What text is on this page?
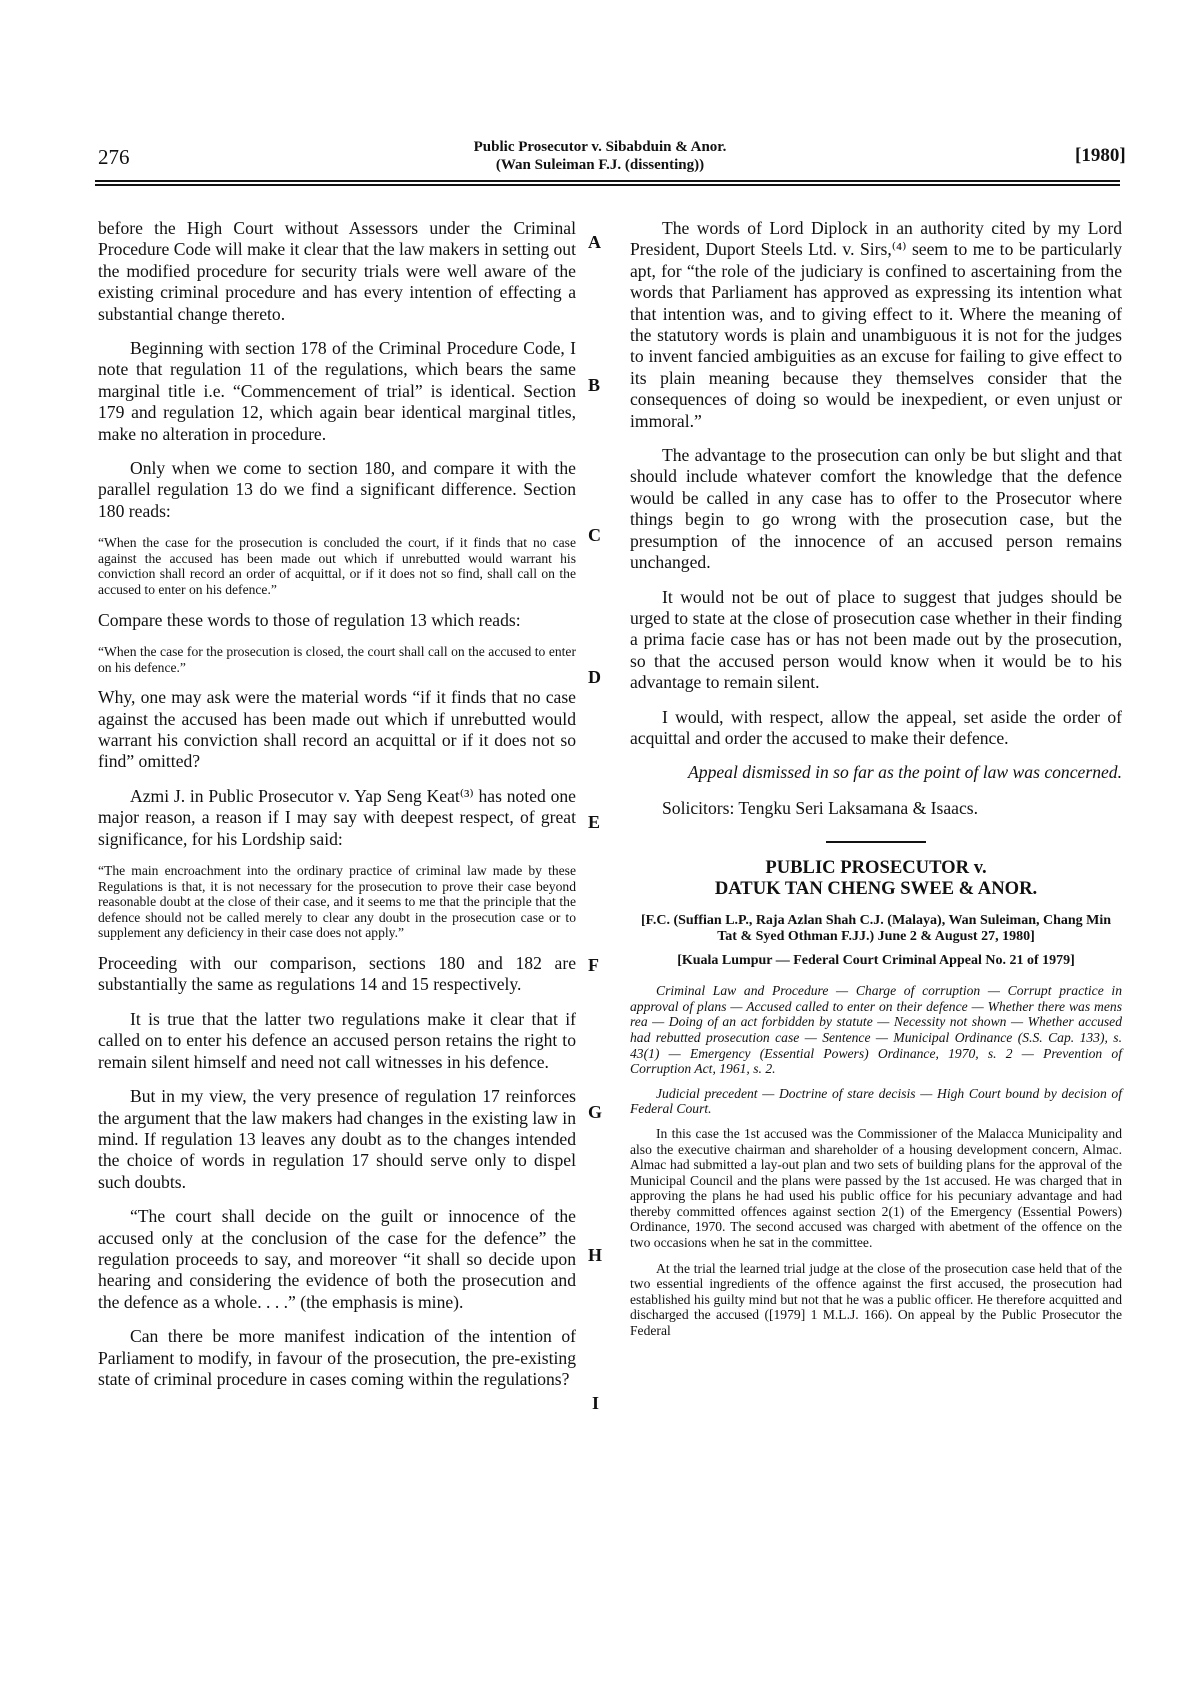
276	Public Prosecutor v. Sibabduin & Anor.
(Wan Suleiman F.J. (dissenting))	[1980]
A
B
C
D
E
F
G
H
I

before the High Court without Assessors under the Criminal Procedure Code will make it clear that the law makers in setting out the modified procedure for security trials were well aware of the existing criminal procedure and has every intention of effecting a substantial change thereto.

Beginning with section 178 of the Criminal Procedure Code, I note that regulation 11 of the regulations, which bears the same marginal title i.e. “Commencement of trial” is identical. Section 179 and regulation 12, which again bear identical marginal titles, make no alteration in procedure.

Only when we come to section 180, and compare it with the parallel regulation 13 do we find a significant difference. Section 180 reads:

“When the case for the prosecution is concluded the court, if it finds that no case against the accused has been made out which if unrebutted would warrant his conviction shall record an order of acquittal, or if it does not so find, shall call on the accused to enter on his defence.”

Compare these words to those of regulation 13 which reads:

“When the case for the prosecution is closed, the court shall call on the accused to enter on his defence.”

Why, one may ask were the material words “if it finds that no case against the accused has been made out which if unrebutted would warrant his conviction shall record an acquittal or if it does not so find” omitted?

Azmi J. in Public Prosecutor v. Yap Seng Keat⁽³⁾ has noted one major reason, a reason if I may say with deepest respect, of great significance, for his Lordship said:

“The main encroachment into the ordinary practice of criminal law made by these Regulations is that, it is not necessary for the prosecution to prove their case beyond reasonable doubt at the close of their case, and it seems to me that the principle that the defence should not be called merely to clear any doubt in the prosecution case or to supplement any deficiency in their case does not apply.”

Proceeding with our comparison, sections 180 and 182 are substantially the same as regulations 14 and 15 respectively.

It is true that the latter two regulations make it clear that if called on to enter his defence an accused person retains the right to remain silent himself and need not call witnesses in his defence.

But in my view, the very presence of regulation 17 reinforces the argument that the law makers had changes in the existing law in mind. If regulation 13 leaves any doubt as to the changes intended the choice of words in regulation 17 should serve only to dispel such doubts.

“The court shall decide on the guilt or innocence of the accused only at the conclusion of the case for the defence” the regulation proceeds to say, and moreover “it shall so decide upon hearing and considering the evidence of both the prosecution and the defence as a whole. . . .” (the emphasis is mine).

Can there be more manifest indication of the intention of Parliament to modify, in favour of the prosecution, the pre-existing state of criminal procedure in cases coming within the regulations?

The words of Lord Diplock in an authority cited by my Lord President, Duport Steels Ltd. v. Sirs,⁽⁴⁾ seem to me to be particularly apt, for “the role of the judiciary is confined to ascertaining from the words that Parliament has approved as expressing its intention what that intention was, and to giving effect to it. Where the meaning of the statutory words is plain and unambiguous it is not for the judges to invent fancied ambiguities as an excuse for failing to give effect to its plain meaning because they themselves consider that the consequences of doing so would be inexpedient, or even unjust or immoral.”

The advantage to the prosecution can only be but slight and that should include whatever comfort the knowledge that the defence would be called in any case has to offer to the Prosecutor where things begin to go wrong with the prosecution case, but the presumption of the innocence of an accused person remains unchanged.

It would not be out of place to suggest that judges should be urged to state at the close of prosecution case whether in their finding a prima facie case has or has not been made out by the prosecution, so that the accused person would know when it would be to his advantage to remain silent.

I would, with respect, allow the appeal, set aside the order of acquittal and order the accused to make their defence.

Appeal dismissed in so far as the point of law was concerned.

Solicitors: Tengku Seri Laksamana & Isaacs.

PUBLIC PROSECUTOR v.
DATUK TAN CHENG SWEE & ANOR.
[F.C. (Suffian L.P., Raja Azlan Shah C.J. (Malaya), Wan Suleiman, Chang Min Tat & Syed Othman F.JJ.) June 2 & August 27, 1980]
[Kuala Lumpur — Federal Court Criminal Appeal No. 21 of 1979]

Criminal Law and Procedure — Charge of corruption — Corrupt practice in approval of plans — Accused called to enter on their defence — Whether there was mens rea — Doing of an act forbidden by statute — Necessity not shown — Whether accused had rebutted prosecution case — Sentence — Municipal Ordinance (S.S. Cap. 133), s. 43(1) — Emergency (Essential Powers) Ordinance, 1970, s. 2 — Prevention of Corruption Act, 1961, s. 2.

Judicial precedent — Doctrine of stare decisis — High Court bound by decision of Federal Court.

In this case the 1st accused was the Commissioner of the Malacca Municipality and also the executive chairman and shareholder of a housing development concern, Almac. Almac had submitted a lay-out plan and two sets of building plans for the approval of the Municipal Council and the plans were passed by the 1st accused. He was charged that in approving the plans he had used his public office for his pecuniary advantage and had thereby committed offences against section 2(1) of the Emergency (Essential Powers) Ordinance, 1970. The second accused was charged with abetment of the offence on the two occasions when he sat in the committee.

At the trial the learned trial judge at the close of the prosecution case held that of the two essential ingredients of the offence against the first accused, the prosecution had established his guilty mind but not that he was a public officer. He therefore acquitted and discharged the accused ([1979] 1 M.L.J. 166). On appeal by the Public Prosecutor the Federal
